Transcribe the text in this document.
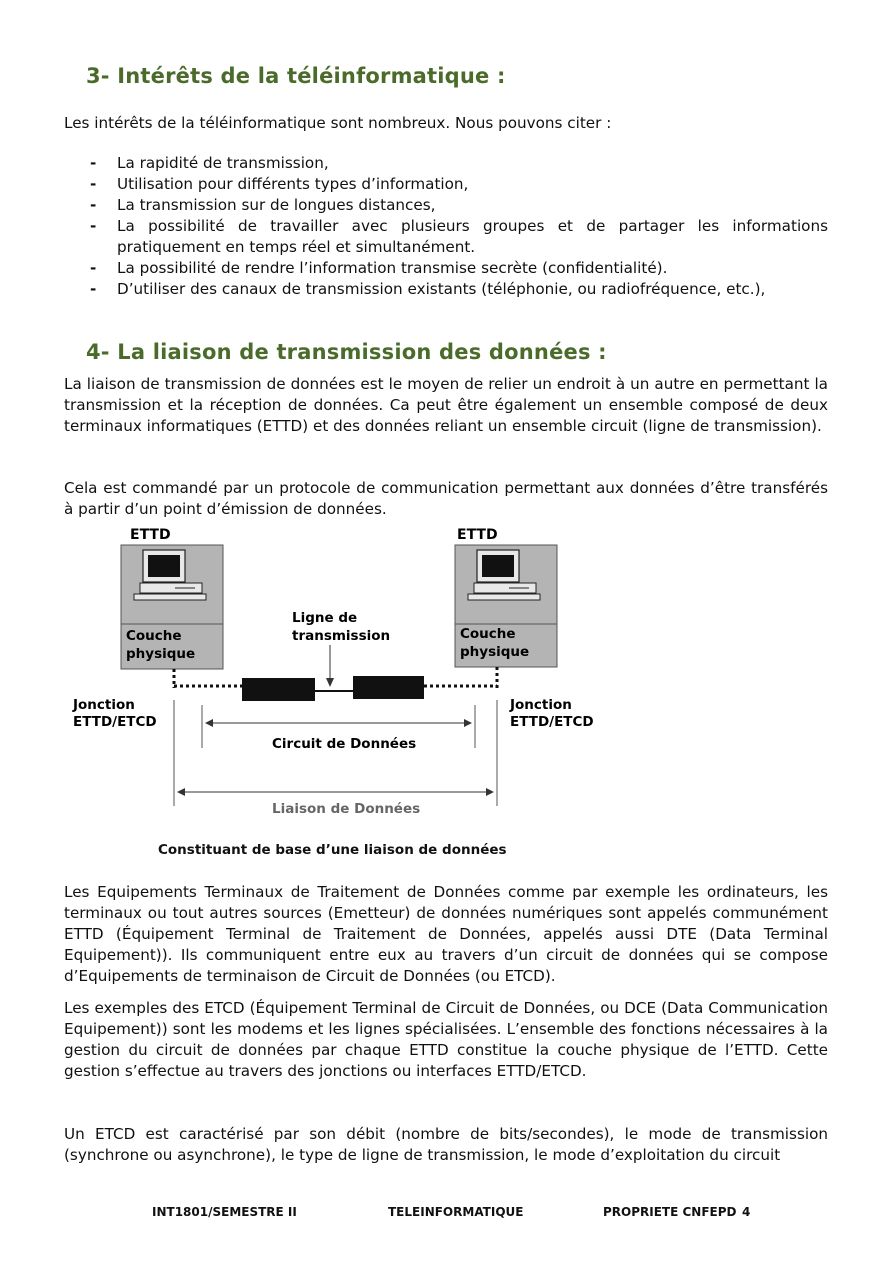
3- Intérêts de la téléinformatique :

Les intérêts de la téléinformatique sont nombreux. Nous pouvons citer :

- La rapidité de transmission,
- Utilisation pour différents types d’information,
- La transmission sur de longues distances,
- La possibilité de travailler avec plusieurs groupes et de partager les informations pratiquement en temps réel et simultanément.
- La possibilité de rendre l’information transmise secrète (confidentialité).
- D’utiliser des canaux de transmission existants (téléphonie, ou radiofréquence, etc.),
4- La liaison de transmission des données :

La liaison de transmission de données est le moyen de relier un endroit à un autre en permettant la transmission et la réception de données. Ca peut être également un ensemble composé de deux terminaux informatiques (ETTD) et des données reliant un ensemble circuit (ligne de transmission).

Cela est commandé par un protocole de communication permettant aux données d’être transférés à partir d’un point d’émission de données.

ETTD	ETTD
Couche
physique
Couche
physique
Ligne de
transmission
Jonction
ETTD/ETCD
Jonction
ETTD/ETCD
Circuit de Données
Liaison de Données
Constituant de base d’une liaison de données

Les Equipements Terminaux de Traitement de Données comme par exemple les ordinateurs, les terminaux ou tout autres sources (Emetteur) de données numériques sont appelés communément ETTD (Équipement Terminal de Traitement de Données, appelés aussi DTE (Data Terminal Equipement)). Ils communiquent entre eux au travers d’un circuit de données qui se compose d’Equipements de terminaison de Circuit de Données (ou ETCD).

Les exemples des ETCD (Équipement Terminal de Circuit de Données, ou DCE (Data Communication Equipement)) sont les modems et les lignes spécialisées. L’ensemble des fonctions nécessaires à la gestion du circuit de données par chaque ETTD constitue la couche physique de l’ETTD. Cette gestion s’effectue au travers des jonctions ou interfaces ETTD/ETCD.

Un ETCD est caractérisé par son débit (nombre de bits/secondes), le mode de transmission (synchrone ou asynchrone), le type de ligne de transmission, le mode d’exploitation du circuit

INT1801/SEMESTRE II	TELEINFORMATIQUE	PROPRIETE CNFEPD 4
